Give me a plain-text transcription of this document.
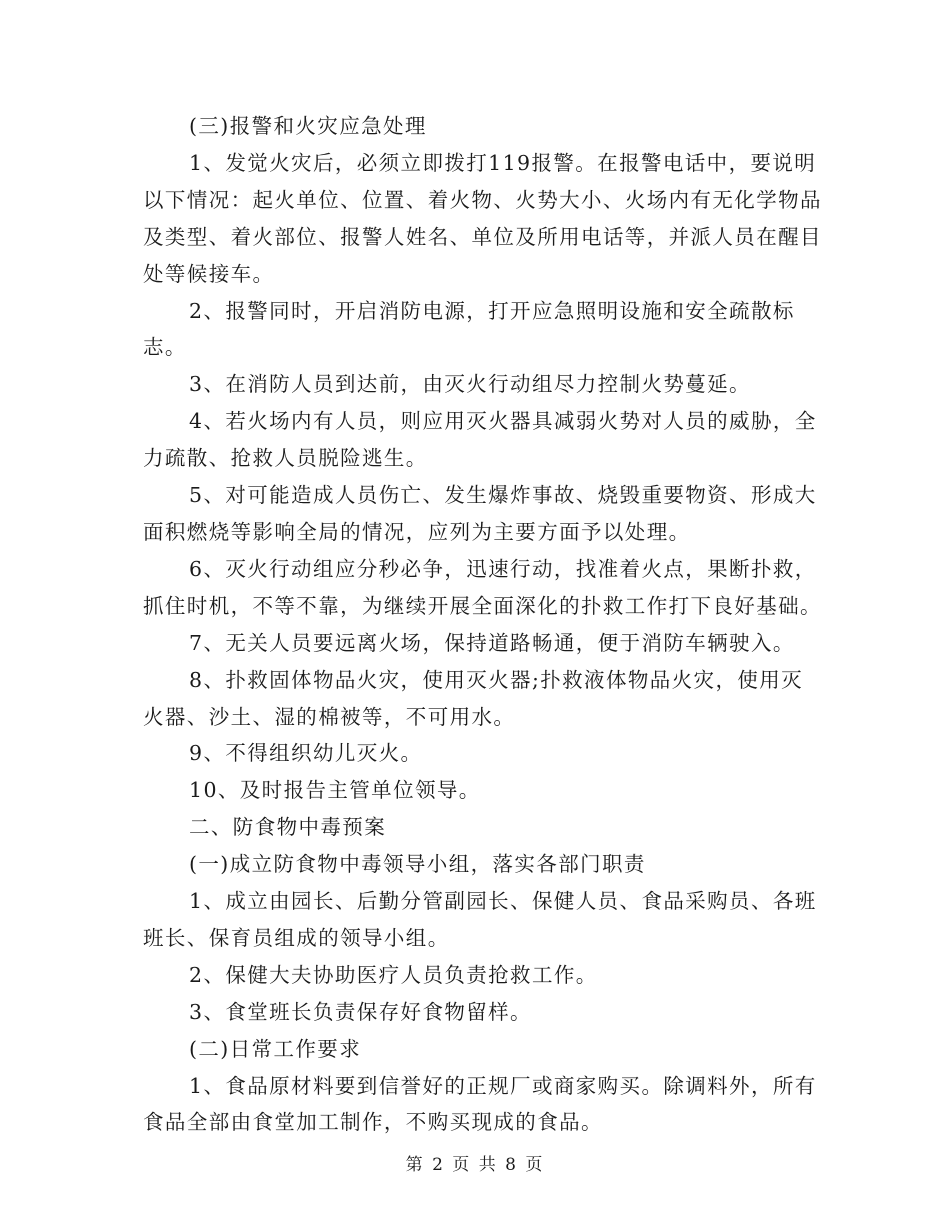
(三)报警和火灾应急处理

1、发觉火灾后，必须立即拨打119报警。在报警电话中，要说明以下情况：起火单位、位置、着火物、火势大小、火场内有无化学物品及类型、着火部位、报警人姓名、单位及所用电话等，并派人员在醒目处等候接车。

2、报警同时，开启消防电源，打开应急照明设施和安全疏散标志。

3、在消防人员到达前，由灭火行动组尽力控制火势蔓延。

4、若火场内有人员，则应用灭火器具减弱火势对人员的威胁，全力疏散、抢救人员脱险逃生。

5、对可能造成人员伤亡、发生爆炸事故、烧毁重要物资、形成大面积燃烧等影响全局的情况，应列为主要方面予以处理。

6、灭火行动组应分秒必争，迅速行动，找准着火点，果断扑救，抓住时机，不等不靠，为继续开展全面深化的扑救工作打下良好基础。

7、无关人员要远离火场，保持道路畅通，便于消防车辆驶入。

8、扑救固体物品火灾，使用灭火器;扑救液体物品火灾，使用灭火器、沙土、湿的棉被等，不可用水。

9、不得组织幼儿灭火。

10、及时报告主管单位领导。

二、防食物中毒预案

(一)成立防食物中毒领导小组，落实各部门职责

1、成立由园长、后勤分管副园长、保健人员、食品采购员、各班班长、保育员组成的领导小组。

2、保健大夫协助医疗人员负责抢救工作。

3、食堂班长负责保存好食物留样。

(二)日常工作要求

1、食品原材料要到信誉好的正规厂或商家购买。除调料外，所有食品全部由食堂加工制作，不购买现成的食品。

第 2 页 共 8 页
